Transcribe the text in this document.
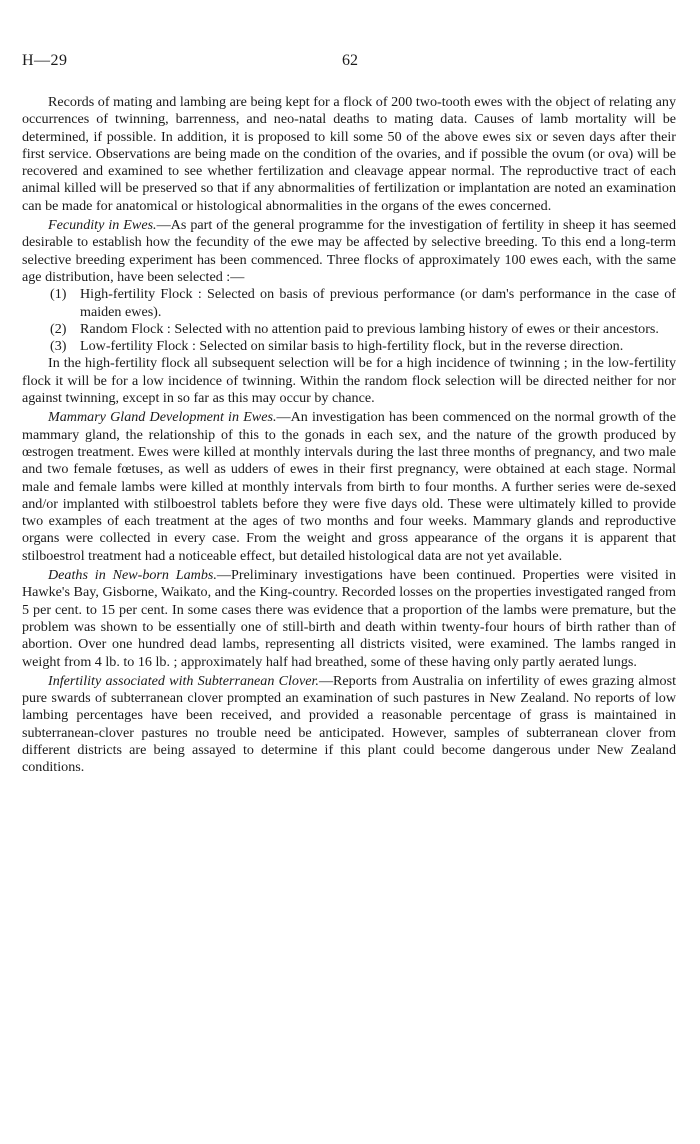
H—29	62

Records of mating and lambing are being kept for a flock of 200 two-tooth ewes with the object of relating any occurrences of twinning, barrenness, and neo-natal deaths to mating data. Causes of lamb mortality will be determined, if possible. In addition, it is proposed to kill some 50 of the above ewes six or seven days after their first service. Observations are being made on the condition of the ovaries, and if possible the ovum (or ova) will be recovered and examined to see whether fertilization and cleavage appear normal. The reproductive tract of each animal killed will be preserved so that if any abnormalities of fertilization or implantation are noted an examination can be made for anatomical or histological abnormalities in the organs of the ewes concerned.

Fecundity in Ewes.—As part of the general programme for the investigation of fertility in sheep it has seemed desirable to establish how the fecundity of the ewe may be affected by selective breeding. To this end a long-term selective breeding experiment has been commenced. Three flocks of approximately 100 ewes each, with the same age distribution, have been selected :—

(1) High-fertility Flock : Selected on basis of previous performance (or dam's performance in the case of maiden ewes).
(2) Random Flock : Selected with no attention paid to previous lambing history of ewes or their ancestors.
(3) Low-fertility Flock : Selected on similar basis to high-fertility flock, but in the reverse direction.

In the high-fertility flock all subsequent selection will be for a high incidence of twinning ; in the low-fertility flock it will be for a low incidence of twinning. Within the random flock selection will be directed neither for nor against twinning, except in so far as this may occur by chance.

Mammary Gland Development in Ewes.—An investigation has been commenced on the normal growth of the mammary gland, the relationship of this to the gonads in each sex, and the nature of the growth produced by œstrogen treatment. Ewes were killed at monthly intervals during the last three months of pregnancy, and two male and two female fœtuses, as well as udders of ewes in their first pregnancy, were obtained at each stage. Normal male and female lambs were killed at monthly intervals from birth to four months. A further series were de-sexed and/or implanted with stilboestrol tablets before they were five days old. These were ultimately killed to provide two examples of each treatment at the ages of two months and four weeks. Mammary glands and reproductive organs were collected in every case. From the weight and gross appearance of the organs it is apparent that stilboestrol treatment had a noticeable effect, but detailed histological data are not yet available.

Deaths in New-born Lambs.—Preliminary investigations have been continued. Properties were visited in Hawke's Bay, Gisborne, Waikato, and the King-country. Recorded losses on the properties investigated ranged from 5 per cent. to 15 per cent. In some cases there was evidence that a proportion of the lambs were premature, but the problem was shown to be essentially one of still-birth and death within twenty-four hours of birth rather than of abortion. Over one hundred dead lambs, representing all districts visited, were examined. The lambs ranged in weight from 4 lb. to 16 lb. ; approximately half had breathed, some of these having only partly aerated lungs.

Infertility associated with Subterranean Clover.—Reports from Australia on infertility of ewes grazing almost pure swards of subterranean clover prompted an examination of such pastures in New Zealand. No reports of low lambing percentages have been received, and provided a reasonable percentage of grass is maintained in subterranean-clover pastures no trouble need be anticipated. However, samples of subterranean clover from different districts are being assayed to determine if this plant could become dangerous under New Zealand conditions.
